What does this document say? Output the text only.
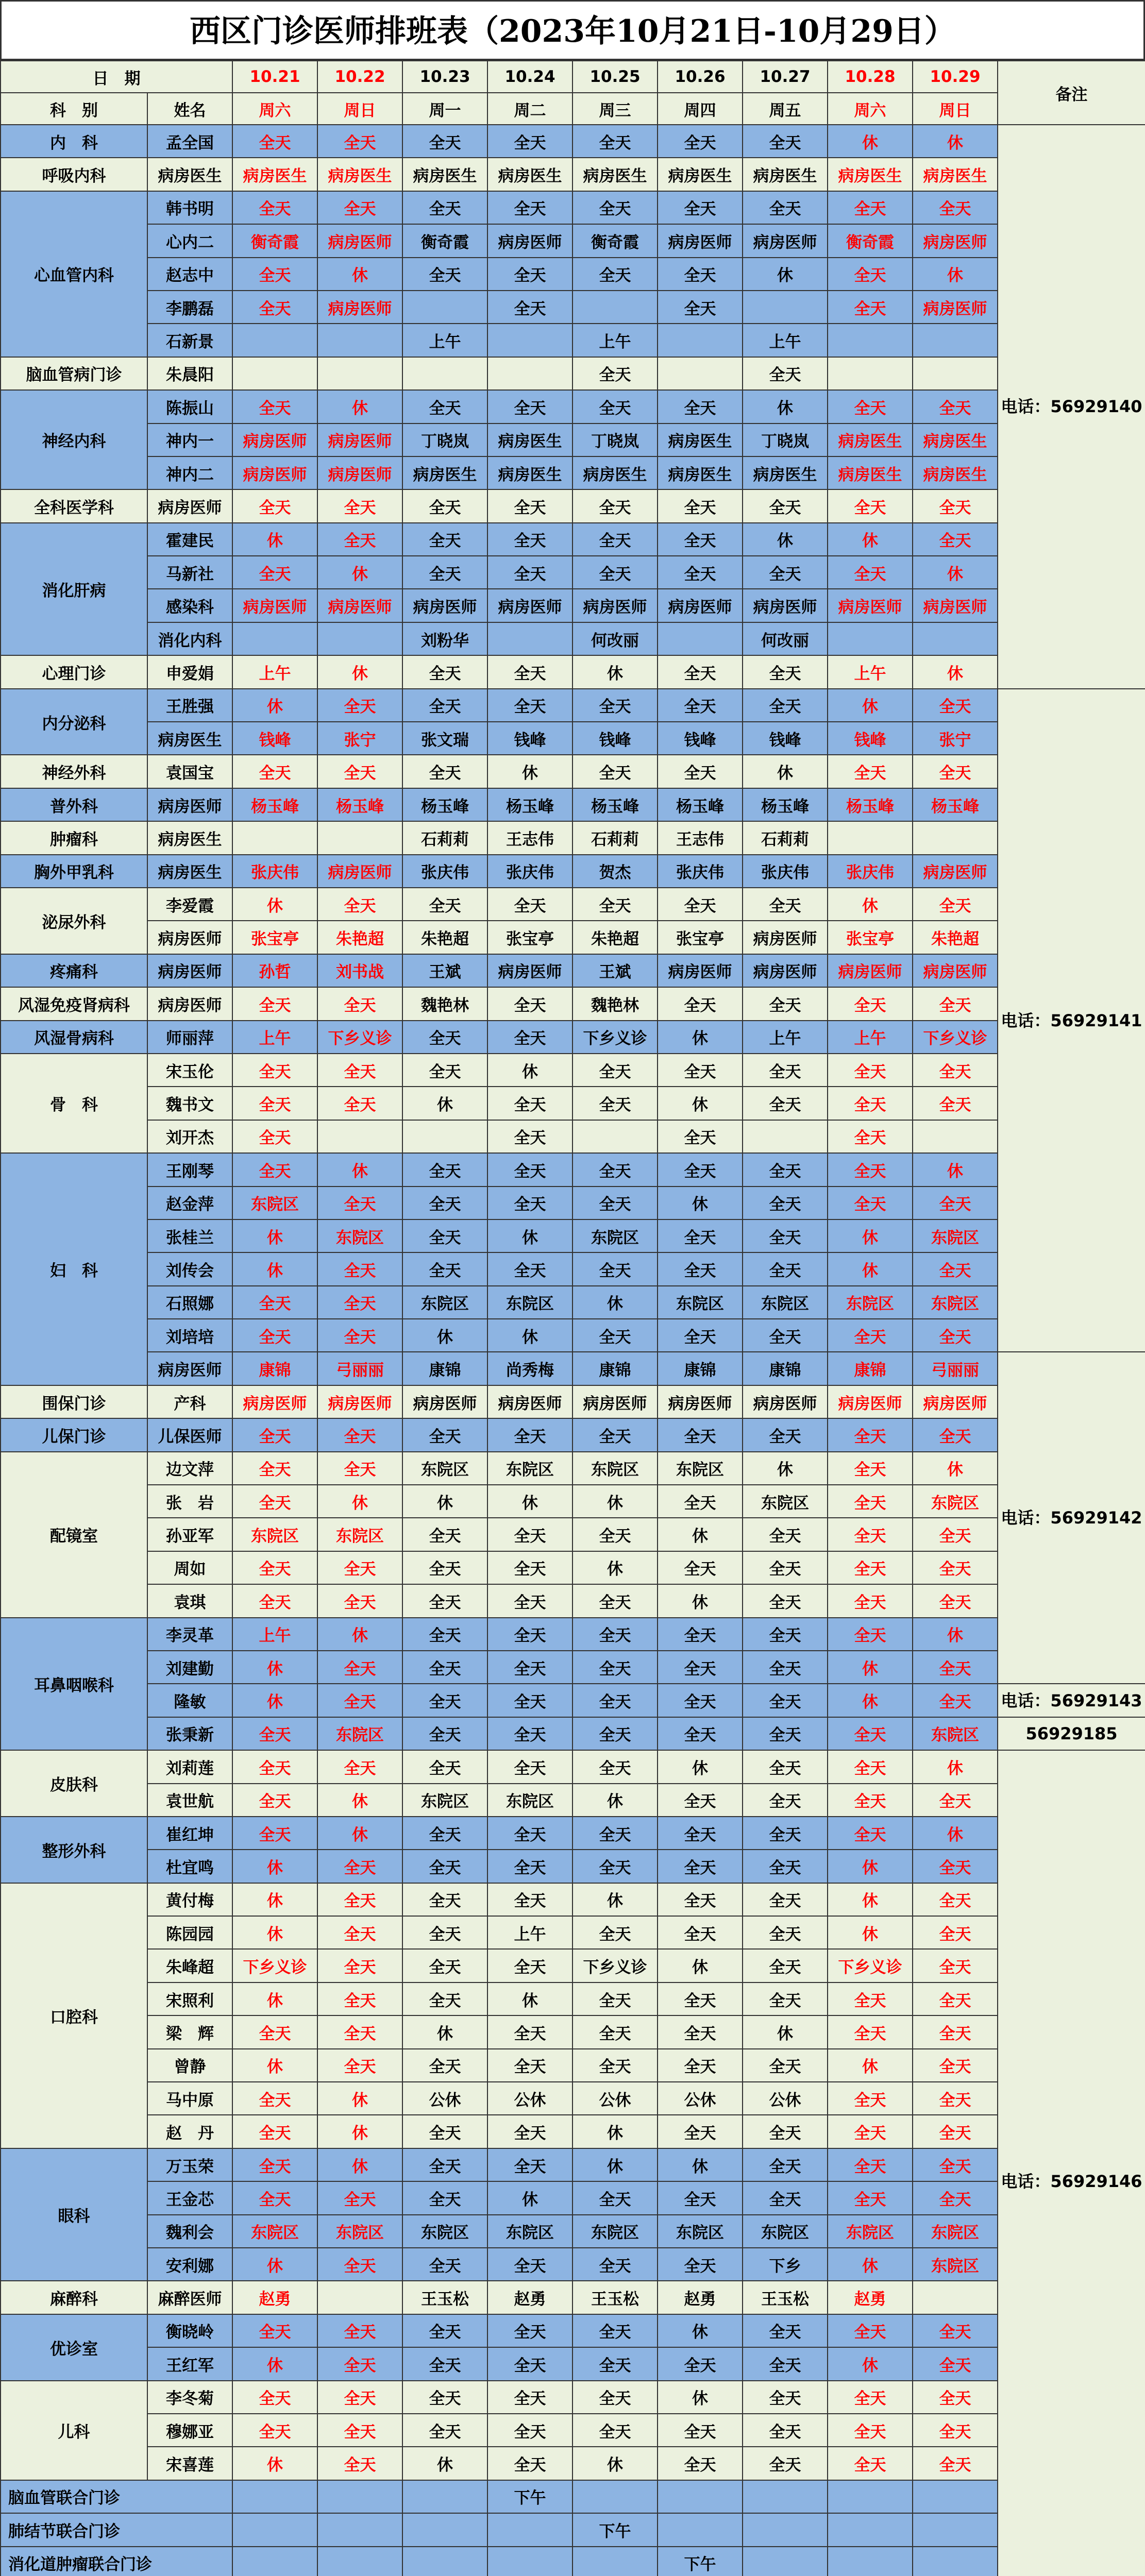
西区门诊医师排班表（2023年10月21日-10月29日）
日　期		10.21	10.22	10.23	10.24	10.25	10.26	10.27	10.28	10.29	备注
科　别	姓名	周六	周日	周一	周二	周三	周四	周五	周六	周日	
内　科	孟全国	全天	全天	全天	全天	全天	全天	全天	休	休	电话：56929140
呼吸内科	病房医生	病房医生	病房医生	病房医生	病房医生	病房医生	病房医生	病房医生	病房医生	病房医生	
心血管内科	韩书明	全天	全天	全天	全天	全天	全天	全天	全天	全天	
	心内二	衡奇霞	病房医师	衡奇霞	病房医师	衡奇霞	病房医师	病房医师	衡奇霞	病房医师	
	赵志中	全天	休	全天	全天	全天	全天	休	全天	休	
	李鹏磊	全天	病房医师		全天		全天		全天	病房医师	
	石新景			上午		上午		上午			
脑血管病门诊	朱晨阳					全天		全天			
神经内科	陈振山	全天	休	全天	全天	全天	全天	休	全天	全天	
	神内一	病房医师	病房医师	丁晓岚	病房医生	丁晓岚	病房医生	丁晓岚	病房医生	病房医生	
	神内二	病房医师	病房医师	病房医生	病房医生	病房医生	病房医生	病房医生	病房医生	病房医生	
全科医学科	病房医师	全天	全天	全天	全天	全天	全天	全天	全天	全天	
消化肝病	霍建民	休	全天	全天	全天	全天	全天	休	休	全天	
	马新社	全天	休	全天	全天	全天	全天	全天	全天	休	
	感染科	病房医师	病房医师	病房医师	病房医师	病房医师	病房医师	病房医师	病房医师	病房医师	
	消化内科			刘粉华		何改丽		何改丽			
心理门诊	申爱娟	上午	休	全天	全天	休	全天	全天	上午	休	
内分泌科	王胜强	休	全天	全天	全天	全天	全天	全天	休	全天	电话：56929141
	病房医生	钱峰	张宁	张文瑞	钱峰	钱峰	钱峰	钱峰	钱峰	张宁	
神经外科	袁国宝	全天	全天	全天	休	全天	全天	休	全天	全天	
普外科	病房医师	杨玉峰	杨玉峰	杨玉峰	杨玉峰	杨玉峰	杨玉峰	杨玉峰	杨玉峰	杨玉峰	
肿瘤科	病房医生			石莉莉	王志伟	石莉莉	王志伟	石莉莉			
胸外甲乳科	病房医生	张庆伟	病房医师	张庆伟	张庆伟	贺杰	张庆伟	张庆伟	张庆伟	病房医师	
泌尿外科	李爱霞	休	全天	全天	全天	全天	全天	全天	休	全天	
	病房医师	张宝亭	朱艳超	朱艳超	张宝亭	朱艳超	张宝亭	病房医师	张宝亭	朱艳超	
疼痛科	病房医师	孙哲	刘书战	王斌	病房医师	王斌	病房医师	病房医师	病房医师	病房医师	
风湿免疫肾病科	病房医师	全天	全天	魏艳林	全天	魏艳林	全天	全天	全天	全天	
风湿骨病科	师丽萍	上午	下乡义诊	全天	全天	下乡义诊	休	上午	上午	下乡义诊	
骨　科	宋玉伦	全天	全天	全天	休	全天	全天	全天	全天	全天	
	魏书文	全天	全天	休	全天	全天	休	全天	全天	全天	
	刘开杰	全天			全天		全天		全天		
妇　科	王刚琴	全天	休	全天	全天	全天	全天	全天	全天	休	
	赵金萍	东院区	全天	全天	全天	全天	休	全天	全天	全天	
	张桂兰	休	东院区	全天	休	东院区	全天	全天	休	东院区	
	刘传会	休	全天	全天	全天	全天	全天	全天	休	全天	
	石照娜	全天	全天	东院区	东院区	休	东院区	东院区	东院区	东院区	
	刘培培	全天	全天	休	休	全天	全天	全天	全天	全天	
	病房医师	康锦	弓丽丽	康锦	尚秀梅	康锦	康锦	康锦	康锦	弓丽丽	电话：56929142
围保门诊	产科	病房医师	病房医师	病房医师	病房医师	病房医师	病房医师	病房医师	病房医师	病房医师	
儿保门诊	儿保医师	全天	全天	全天	全天	全天	全天	全天	全天	全天	
配镜室	边文萍	全天	全天	东院区	东院区	东院区	东院区	休	全天	休	
	张　岩	全天	休	休	休	休	全天	东院区	全天	东院区	
	孙亚军	东院区	东院区	全天	全天	全天	休	全天	全天	全天	
	周如	全天	全天	全天	全天	休	全天	全天	全天	全天	
	袁琪	全天	全天	全天	全天	全天	休	全天	全天	全天	
耳鼻咽喉科	李灵革	上午	休	全天	全天	全天	全天	全天	全天	休	
	刘建勤	休	全天	全天	全天	全天	全天	全天	休	全天	
	隆敏	休	全天	全天	全天	全天	全天	全天	休	全天	电话：56929143
	张秉新	全天	东院区	全天	全天	全天	全天	全天	全天	东院区	56929185
皮肤科	刘莉莲	全天	全天	全天	全天	全天	休	全天	全天	休	电话：56929146
	袁世航	全天	休	东院区	东院区	休	全天	全天	全天	全天	
整形外科	崔红坤	全天	休	全天	全天	全天	全天	全天	全天	休	
	杜宜鸣	休	全天	全天	全天	全天	全天	全天	休	全天	
口腔科	黄付梅	休	全天	全天	全天	休	全天	全天	休	全天	
	陈园园	休	全天	全天	上午	全天	全天	全天	休	全天	
	朱峰超	下乡义诊	全天	全天	全天	下乡义诊	休	全天	下乡义诊	全天	
	宋照利	休	全天	全天	休	全天	全天	全天	全天	全天	
	梁　辉	全天	全天	休	全天	全天	全天	休	全天	全天	
	曾静	休	全天	全天	全天	全天	全天	全天	休	全天	
	马中原	全天	休	公休	公休	公休	公休	公休	全天	全天	
	赵　丹	全天	休	全天	全天	休	全天	全天	全天	全天	
眼科	万玉荣	全天	休	全天	全天	休	休	全天	全天	全天	
	王金芯	全天	全天	全天	休	全天	全天	全天	全天	全天	
	魏利会	东院区	东院区	东院区	东院区	东院区	东院区	东院区	东院区	东院区	
	安利娜	休	全天	全天	全天	全天	全天	下乡	休	东院区	
麻醉科	麻醉医师	赵勇		王玉松	赵勇	王玉松	赵勇	王玉松	赵勇		
优诊室	衡晓岭	全天	全天	全天	全天	全天	休	全天	全天	全天	
	王红军	休	全天	全天	全天	全天	全天	全天	休	全天	
儿科	李冬菊	全天	全天	全天	全天	全天	休	全天	全天	全天	
	穆娜亚	全天	全天	全天	全天	全天	全天	全天	全天	全天	
	宋喜莲	休	全天	休	全天	休	全天	全天	全天	全天	
脑血管联合门诊					下午						
肺结节联合门诊						下午					
消化道肿瘤联合门诊							下午				
